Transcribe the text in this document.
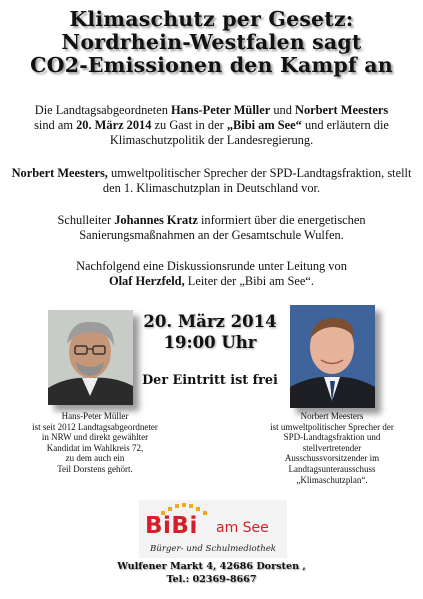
Klimaschutz per Gesetz:
Nordrhein-Westfalen sagt
CO2-Emissionen den Kampf an
Die Landtagsabgeordneten Hans-Peter Müller und Norbert Meesters
sind am 20. März 2014 zu Gast in der „Bibi am See“ und erläutern die Klimaschutzpolitik der Landesregierung.
Norbert Meesters, umweltpolitischer Sprecher der SPD-Landtagsfraktion, stellt den 1. Klimaschutzplan in Deutschland vor.
Schulleiter Johannes Kratz informiert über die energetischen Sanierungsmaßnahmen an der Gesamtschule Wulfen.
Nachfolgend eine Diskussionsrunde unter Leitung von
Olaf Herzfeld, Leiter der „Bibi am See“.
20. März 2014
19:00 Uhr
Der Eintritt ist frei
Hans-Peter Müller
ist seit 2012 Landtagsabgeordneter
in NRW und direkt gewählter
Kandidat im Wahlkreis 72,
zu dem auch ein
Teil Dorstens gehört.
Norbert Meesters
ist umweltpolitischer Sprecher der
SPD-Landtagsfraktion und
stellvertretender
Ausschussvorsitzender im
Landtagsunterausschuss
„Klimaschutzplan“.
BiBi am See
Bürger- und Schulmediothek
Wulfener Markt 4, 42686 Dorsten ,
Tel.: 02369-8667
